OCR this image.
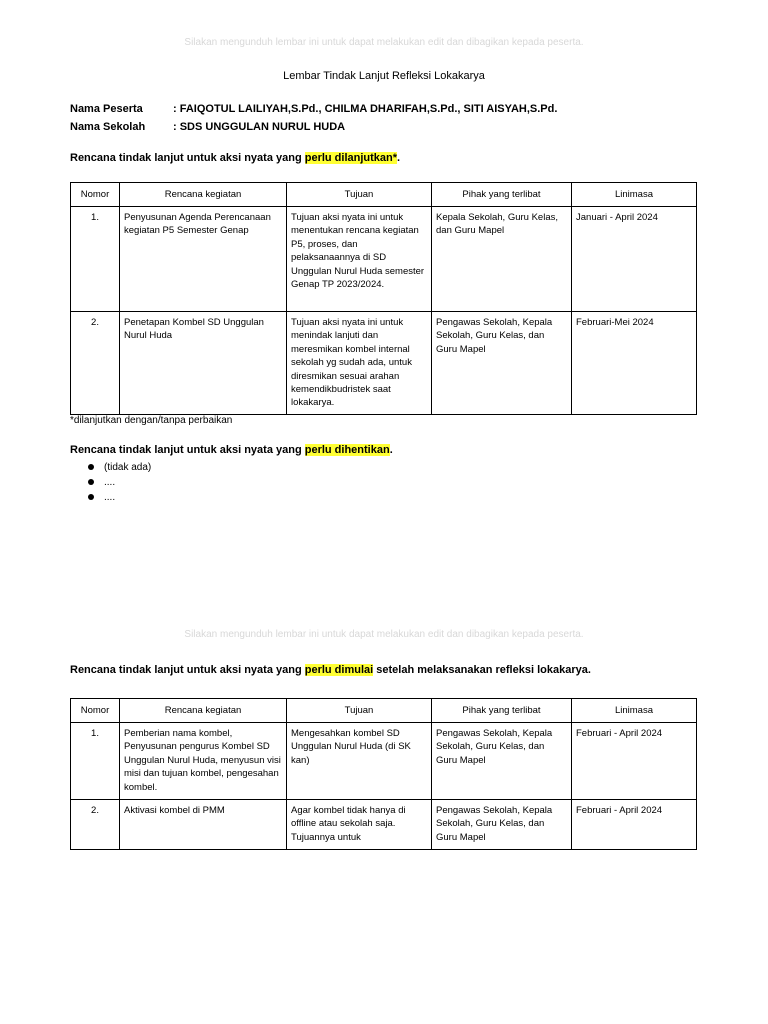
Silakan mengunduh lembar ini untuk dapat melakukan edit dan dibagikan kepada peserta.
Lembar Tindak Lanjut Refleksi Lokakarya
Nama Peserta	: FAIQOTUL LAILIYAH,S.Pd., CHILMA DHARIFAH,S.Pd., SITI AISYAH,S.Pd.
Nama Sekolah	: SDS UNGGULAN NURUL HUDA
Rencana tindak lanjut untuk aksi nyata yang perlu dilanjutkan*.
Nomor	Rencana kegiatan	Tujuan	Pihak yang terlibat	Linimasa
1.	Penyusunan Agenda Perencanaan kegiatan P5 Semester Genap	Tujuan aksi nyata ini untuk menentukan rencana kegiatan P5, proses, dan pelaksanaannya di SD Unggulan Nurul Huda semester Genap TP 2023/2024.	Kepala Sekolah, Guru Kelas, dan Guru Mapel	Januari - April 2024
2.	Penetapan Kombel SD Unggulan Nurul Huda	Tujuan aksi nyata ini untuk menindak lanjuti dan meresmikan kombel internal sekolah yg sudah ada, untuk diresmikan sesuai arahan kemendikbudristek saat lokakarya.	Pengawas Sekolah, Kepala Sekolah, Guru Kelas, dan Guru Mapel	Februari-Mei 2024
*dilanjutkan dengan/tanpa perbaikan
Rencana tindak lanjut untuk aksi nyata yang perlu dihentikan.
(tidak ada)
....
....
Silakan mengunduh lembar ini untuk dapat melakukan edit dan dibagikan kepada peserta.
Rencana tindak lanjut untuk aksi nyata yang perlu dimulai setelah melaksanakan refleksi lokakarya.
Nomor	Rencana kegiatan	Tujuan	Pihak yang terlibat	Linimasa
1.	Pemberian nama kombel, Penyusunan pengurus Kombel SD Unggulan Nurul Huda, menyusun visi misi dan tujuan kombel, pengesahan kombel.	Mengesahkan kombel SD Unggulan Nurul Huda (di SK kan)	Pengawas Sekolah, Kepala Sekolah, Guru Kelas, dan Guru Mapel	Februari - April 2024
2.	Aktivasi kombel di PMM	Agar kombel tidak hanya di offline atau sekolah saja. Tujuannya untuk	Pengawas Sekolah, Kepala Sekolah, Guru Kelas, dan Guru Mapel	Februari - April 2024
